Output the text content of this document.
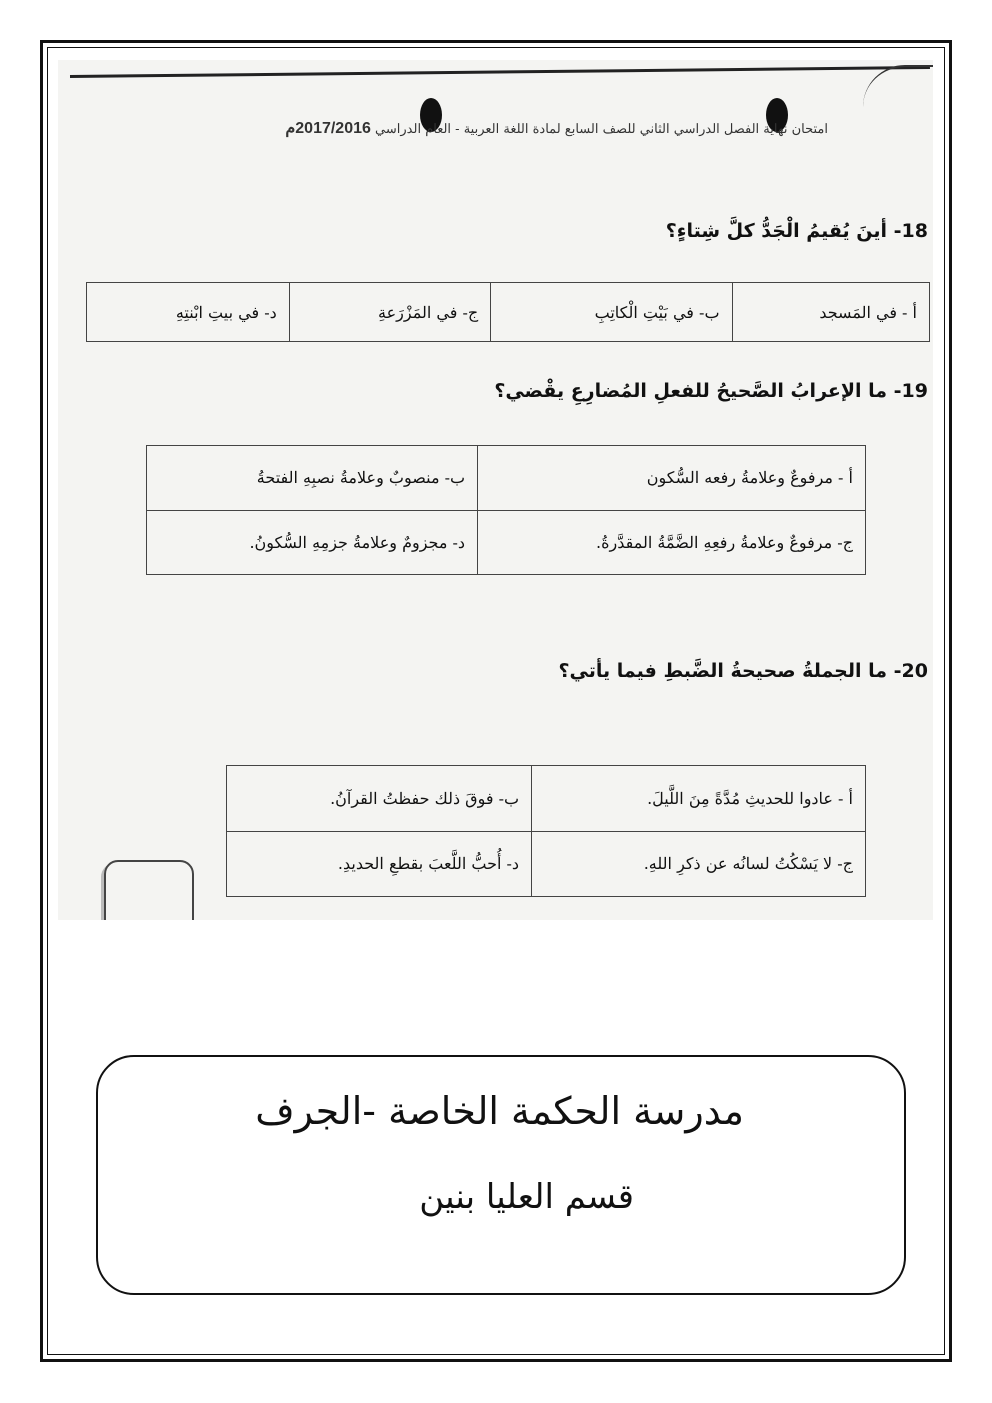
امتحان نهاية الفصل الدراسي الثاني للصف السابع لمادة اللغة العربية - العام الدراسي 2017/2016م
18- أينَ يُقيمُ الْجَدُّ كلَّ شِتاءٍ؟
أ - في المَسجد	ب- في بَيْتِ الْكاتِبِ	ج- في المَزْرَعةِ	د- في بيتِ ابْنتِهِ
19- ما الإعرابُ الصَّحيحُ للفعلِ المُضارِعِ يقْضي؟
أ - مرفوعٌ وعلامةُ رفعه السُّكون	ب- منصوبٌ وعلامةُ نصبِهِ الفتحةُ
ج- مرفوعٌ وعلامةُ رفعِهِ الضَّمَّةُ المقدَّرةُ.	د- مجزومٌ وعلامةُ جزمِهِ السُّكونُ.
20- ما الجملةُ صحيحةُ الضَّبطِ فيما يأتي؟
أ - عادوا للحديثِ مُدَّةً مِنَ اللَّيلَ.	ب- فوقَ ذلك حفظتُ القرآنُ.
ج- لا يَسْكُتُ لسانُه عن ذكرِ اللهِ.	د- أُحبُّ اللَّعبَ بقطعِ الحديدِ.
مدرسة الحكمة الخاصة -الجرف
قسم العليا بنين
